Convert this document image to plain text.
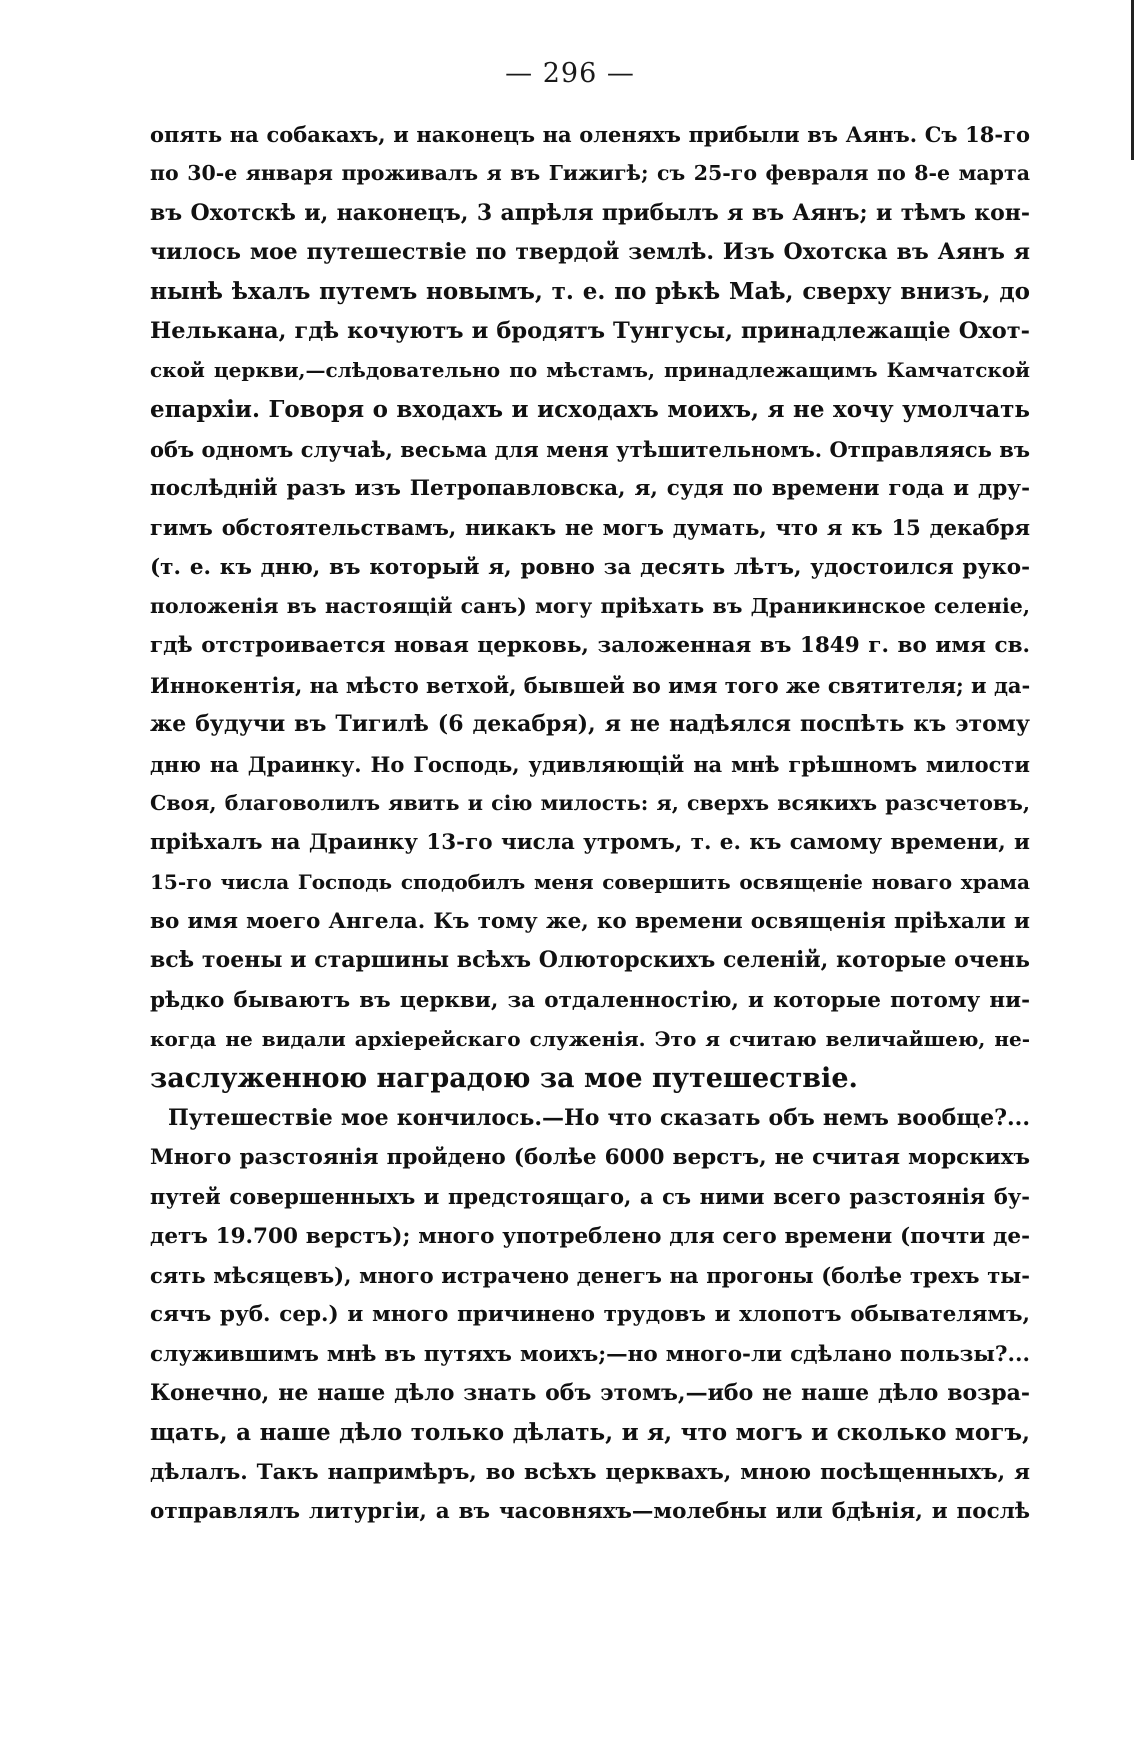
— 296 —
опять на собакахъ, и наконецъ на оленяхъ прибыли въ Аянъ. Съ 18-го
по 30-е января проживалъ я въ Гижигѣ; съ 25-го февраля по 8-е марта
въ Охотскѣ и, наконецъ, 3 апрѣля прибылъ я въ Аянъ; и тѣмъ кон-
чилось мое путешествіе по твердой землѣ. Изъ Охотска въ Аянъ я
нынѣ ѣхалъ путемъ новымъ, т. е. по рѣкѣ Маѣ, сверху внизъ, до
Нелькана, гдѣ кочуютъ и бродятъ Тунгусы, принадлежащіе Охот-
ской церкви,—слѣдовательно по мѣстамъ, принадлежащимъ Камчатской
епархіи. Говоря о входахъ и исходахъ моихъ, я не хочу умолчать
объ одномъ случаѣ, весьма для меня утѣшительномъ. Отправляясь въ
послѣдній разъ изъ Петропавловска, я, судя по времени года и дру-
гимъ обстоятельствамъ, никакъ не могъ думать, что я къ 15 декабря
(т. е. къ дню, въ который я, ровно за десять лѣтъ, удостоился руко-
положенія въ настоящій санъ) могу пріѣхать въ Драникинское селеніе,
гдѣ отстроивается новая церковь, заложенная въ 1849 г. во имя св.
Иннокентія, на мѣсто ветхой, бывшей во имя того же святителя; и да-
же будучи въ Тигилѣ (6 декабря), я не надѣялся поспѣть къ этому
дню на Драинку. Но Господь, удивляющій на мнѣ грѣшномъ милости
Своя, благоволилъ явить и сію милость: я, сверхъ всякихъ разсчетовъ,
пріѣхалъ на Драинку 13-го числа утромъ, т. е. къ самому времени, и
15-го числа Господь сподобилъ меня совершить освященіе новаго храма
во имя моего Ангела. Къ тому же, ко времени освященія пріѣхали и
всѣ тоены и старшины всѣхъ Олюторскихъ селеній, которые очень
рѣдко бываютъ въ церкви, за отдаленностію, и которые потому ни-
когда не видали архіерейскаго служенія. Это я считаю величайшею, не-
заслуженною наградою за мое путешествіе.
Путешествіе мое кончилось.—Но что сказать объ немъ вообще?...
Много разстоянія пройдено (болѣе 6000 верстъ, не считая морскихъ
путей совершенныхъ и предстоящаго, а съ ними всего разстоянія бу-
детъ 19.700 верстъ); много употреблено для сего времени (почти де-
сять мѣсяцевъ), много истрачено денегъ на прогоны (болѣе трехъ ты-
сячъ руб. сер.) и много причинено трудовъ и хлопотъ обывателямъ,
служившимъ мнѣ въ путяхъ моихъ;—но много-ли сдѣлано пользы?...
Конечно, не наше дѣло знать объ этомъ,—ибо не наше дѣло возра-
щать, а наше дѣло только дѣлать, и я, что могъ и сколько могъ,
дѣлалъ. Такъ напримѣръ, во всѣхъ церквахъ, мною посѣщенныхъ, я
отправлялъ литургіи, а въ часовняхъ—молебны или бдѣнія, и послѣ
